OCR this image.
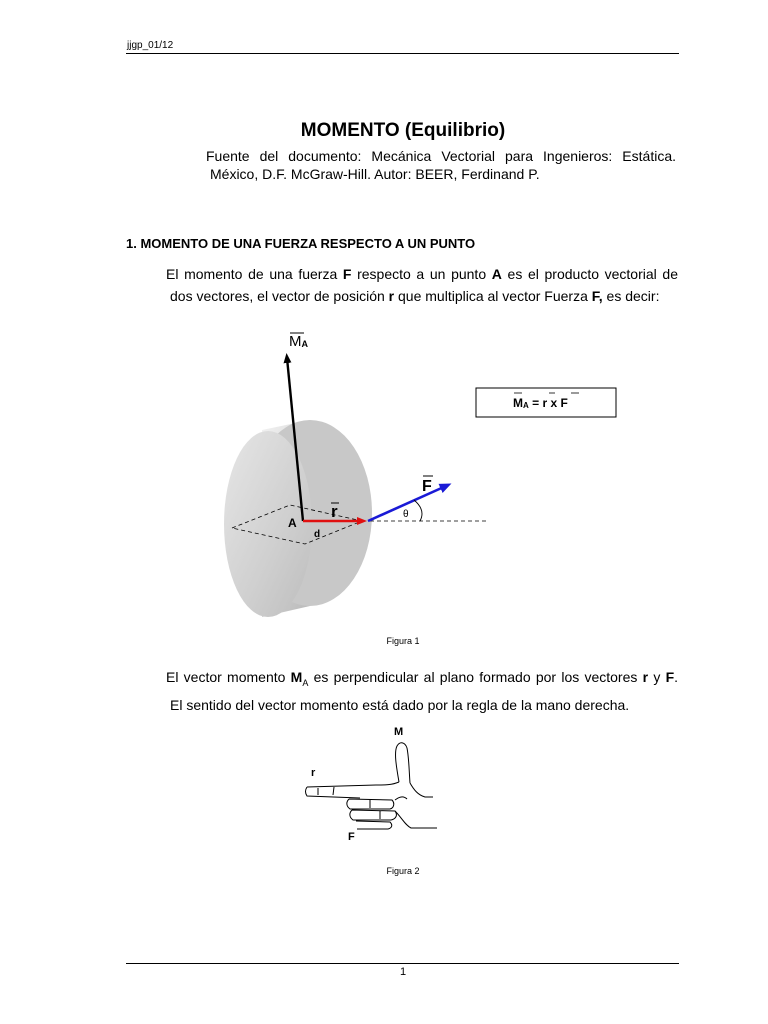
jjgp_01/12
MOMENTO (Equilibrio)
Fuente del documento: Mecánica Vectorial para Ingenieros: Estática.
México, D.F. McGraw-Hill. Autor: BEER, Ferdinand P.
1. MOMENTO DE UNA FUERZA RESPECTO A UN PUNTO
El momento de una fuerza F respecto a un punto A es el producto vectorial de
dos vectores, el vector de posición r que multiplica al vector Fuerza F, es decir:
MA
r
F
A
d
θ
MA = r x F
M
r
F
Figura 1
El vector momento $M_A$ es perpendicular al plano formado por los vectores r y F.
El sentido del vector momento está dado por la regla de la mano derecha.
Figura 2
1
